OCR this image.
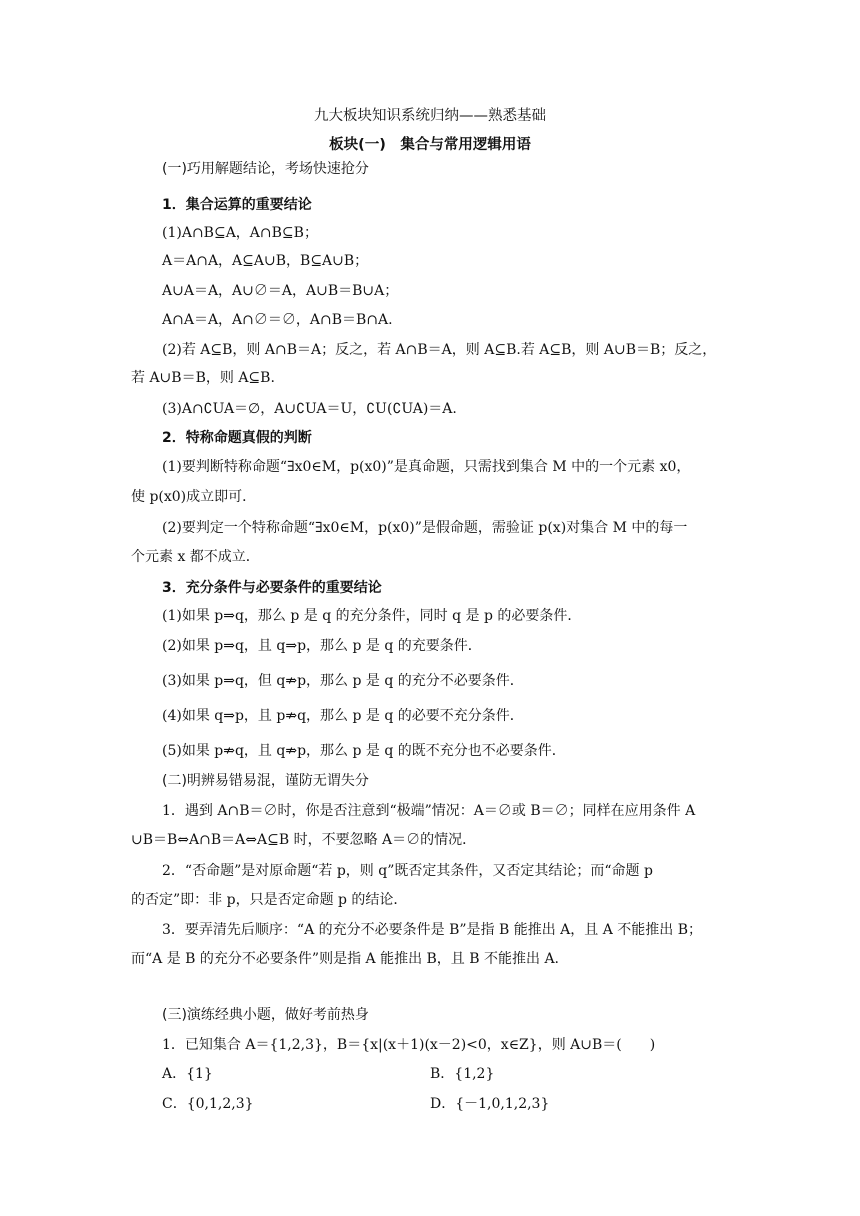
九大板块知识系统归纳——熟悉基础
板块(一)　集合与常用逻辑用语
(一)巧用解题结论，考场快速抢分
1．集合运算的重要结论
(1)A∩B⊆A，A∩B⊆B；
A＝A∩A，A⊆A∪B，B⊆A∪B；
A∪A＝A，A∪∅＝A，A∪B＝B∪A；
A∩A＝A，A∩∅＝∅，A∩B＝B∩A.
(2)若 A⊆B，则 A∩B＝A；反之，若 A∩B＝A，则 A⊆B.若 A⊆B，则 A∪B＝B；反之，
若 A∪B＝B，则 A⊆B.
(3)A∩∁UA＝∅，A∪∁UA＝U，∁U(∁UA)＝A.
2．特称命题真假的判断
(1)要判断特称命题“∃x0∈M，p(x0)”是真命题，只需找到集合 M 中的一个元素 x0，
使 p(x0)成立即可．
(2)要判定一个特称命题“∃x0∈M，p(x0)”是假命题，需验证 p(x)对集合 M 中的每一
个元素 x 都不成立．
3．充分条件与必要条件的重要结论
(1)如果 p⇒q，那么 p 是 q 的充分条件，同时 q 是 p 的必要条件．
(2)如果 p⇒q，且 q⇒p，那么 p 是 q 的充要条件．
(3)如果 p⇒q，但 q⇏p，那么 p 是 q 的充分不必要条件．
(4)如果 q⇒p，且 p⇏q，那么 p 是 q 的必要不充分条件．
(5)如果 p⇏q，且 q⇏p，那么 p 是 q 的既不充分也不必要条件．
(二)明辨易错易混，谨防无谓失分
1．遇到 A∩B＝∅时，你是否注意到“极端”情况：A＝∅或 B＝∅；同样在应用条件 A
∪B＝B⇔A∩B＝A⇔A⊆B 时，不要忽略 A＝∅的情况．
2．“否命题”是对原命题“若 p，则 q”既否定其条件，又否定其结论；而“命题 p
的否定”即：非 p，只是否定命题 p 的结论．
3．要弄清先后顺序：“A 的充分不必要条件是 B”是指 B 能推出 A，且 A 不能推出 B；
而“A 是 B 的充分不必要条件”则是指 A 能推出 B，且 B 不能推出 A.
(三)演练经典小题，做好考前热身
1．已知集合 A＝{1,2,3}，B＝{x|(x＋1)(x－2)<0，x∈Z}，则 A∪B＝(　　)
A．{1}	B．{1,2}
C．{0,1,2,3}	D．{－1,0,1,2,3}
